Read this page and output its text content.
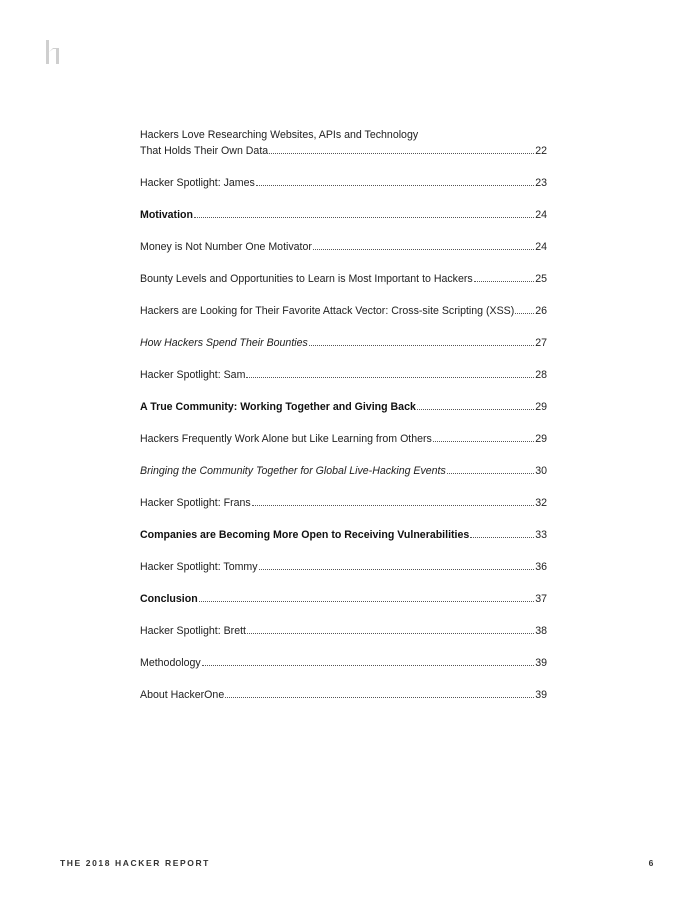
Hackers Love Researching Websites, APIs and Technology
That Holds Their Own Data	22
Hacker Spotlight: James	23
Motivation	24
Money is Not Number One Motivator	24
Bounty Levels and Opportunities to Learn is Most Important to Hackers	25
Hackers are Looking for Their Favorite Attack Vector: Cross-site Scripting (XSS) 26
How Hackers Spend Their Bounties	27
Hacker Spotlight: Sam	28
A True Community: Working Together and Giving Back	29
Hackers Frequently Work Alone but Like Learning from Others	29
Bringing the Community Together for Global Live-Hacking Events	30
Hacker Spotlight: Frans	32
Companies are Becoming More Open to Receiving Vulnerabilities	33
Hacker Spotlight: Tommy	36
Conclusion	37
Hacker Spotlight: Brett	38
Methodology	39
About HackerOne	39
THE 2018 HACKER REPORT	6
